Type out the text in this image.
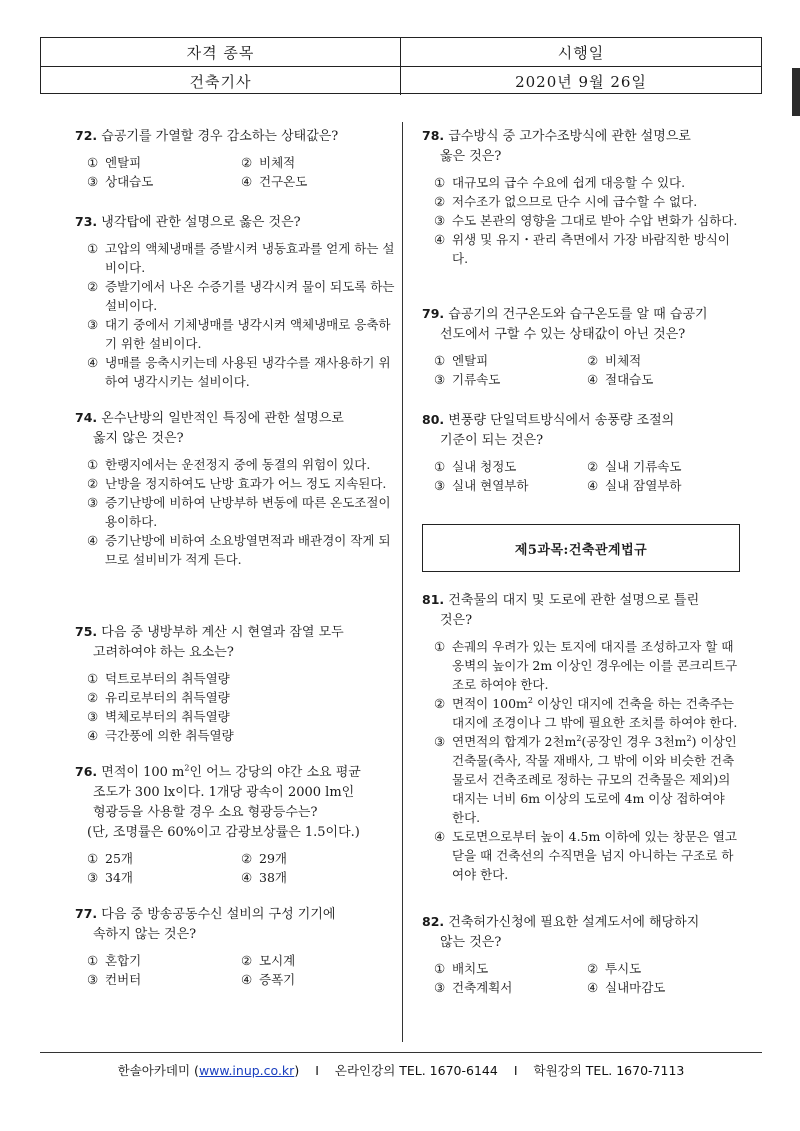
자격 종목	시행일
건축기사	2020년 9월 26일
72. 습공기를 가열할 경우 감소하는 상태값은?
① 엔탈피	② 비체적
③ 상대습도	④ 건구온도
73. 냉각탑에 관한 설명으로 옳은 것은?
① 고압의 액체냉매를 증발시켜 냉동효과를 얻게 하는 설비이다.
② 증발기에서 나온 수증기를 냉각시켜 물이 되도록 하는 설비이다.
③ 대기 중에서 기체냉매를 냉각시켜 액체냉매로 응축하기 위한 설비이다.
④ 냉매를 응축시키는데 사용된 냉각수를 재사용하기 위하여 냉각시키는 설비이다.
74. 온수난방의 일반적인 특징에 관한 설명으로
옳지 않은 것은?
① 한랭지에서는 운전정지 중에 동결의 위험이 있다.
② 난방을 정지하여도 난방 효과가 어느 정도 지속된다.
③ 증기난방에 비하여 난방부하 변동에 따른 온도조절이 용이하다.
④ 증기난방에 비하여 소요방열면적과 배관경이 작게 되므로 설비비가 적게 든다.
75. 다음 중 냉방부하 계산 시 현열과 잠열 모두
고려하여야 하는 요소는?
① 덕트로부터의 취득열량
② 유리로부터의 취득열량
③ 벽체로부터의 취득열량
④ 극간풍에 의한 취득열량
76. 면적이 100 $m^2$인 어느 강당의 야간 소요 평균
조도가 300 lx이다. 1개당 광속이 2000 lm인
형광등을 사용할 경우 소요 형광등수는?
(단, 조명률은 60%이고 감광보상률은 1.5이다.)
① 25개	② 29개
③ 34개	④ 38개
77. 다음 중 방송공동수신 설비의 구성 기기에
속하지 않는 것은?
① 혼합기	② 모시계
③ 컨버터	④ 증폭기
78. 급수방식 중 고가수조방식에 관한 설명으로
옳은 것은?
① 대규모의 급수 수요에 쉽게 대응할 수 있다.
② 저수조가 없으므로 단수 시에 급수할 수 없다.
③ 수도 본관의 영향을 그대로 받아 수압 변화가 심하다.
④ 위생 및 유지・관리 측면에서 가장 바람직한 방식이다.
79. 습공기의 건구온도와 습구온도를 알 때 습공기
선도에서 구할 수 있는 상태값이 아닌 것은?
① 엔탈피	② 비체적
③ 기류속도	④ 절대습도
80. 변풍량 단일덕트방식에서 송풍량 조절의
기준이 되는 것은?
① 실내 청정도	② 실내 기류속도
③ 실내 현열부하	④ 실내 잠열부하
제5과목:건축관계법규
81. 건축물의 대지 및 도로에 관한 설명으로 틀린
것은?
① 손궤의 우려가 있는 토지에 대지를 조성하고자 할 때 옹벽의 높이가 2m 이상인 경우에는 이를 콘크리트구조로 하여야 한다.
② 면적이 $100m^2$ 이상인 대지에 건축을 하는 건축주는 대지에 조경이나 그 밖에 필요한 조치를 하여야 한다.
③ 연면적의 합계가 2천$m^2$(공장인 경우 3천$m^2$) 이상인 건축물(축사, 작물 재배사, 그 밖에 이와 비슷한 건축물로서 건축조례로 정하는 규모의 건축물은 제외)의 대지는 너비 6m 이상의 도로에 4m 이상 접하여야 한다.
④ 도로면으로부터 높이 4.5m 이하에 있는 창문은 열고 닫을 때 건축선의 수직면을 넘지 아니하는 구조로 하여야 한다.
82. 건축허가신청에 필요한 설계도서에 해당하지
않는 것은?
① 배치도	② 투시도
③ 건축계획서	④ 실내마감도
한솔아카데미 (www.inup.co.kr) I 온라인강의 TEL. 1670-6144 I 학원강의 TEL. 1670-7113
